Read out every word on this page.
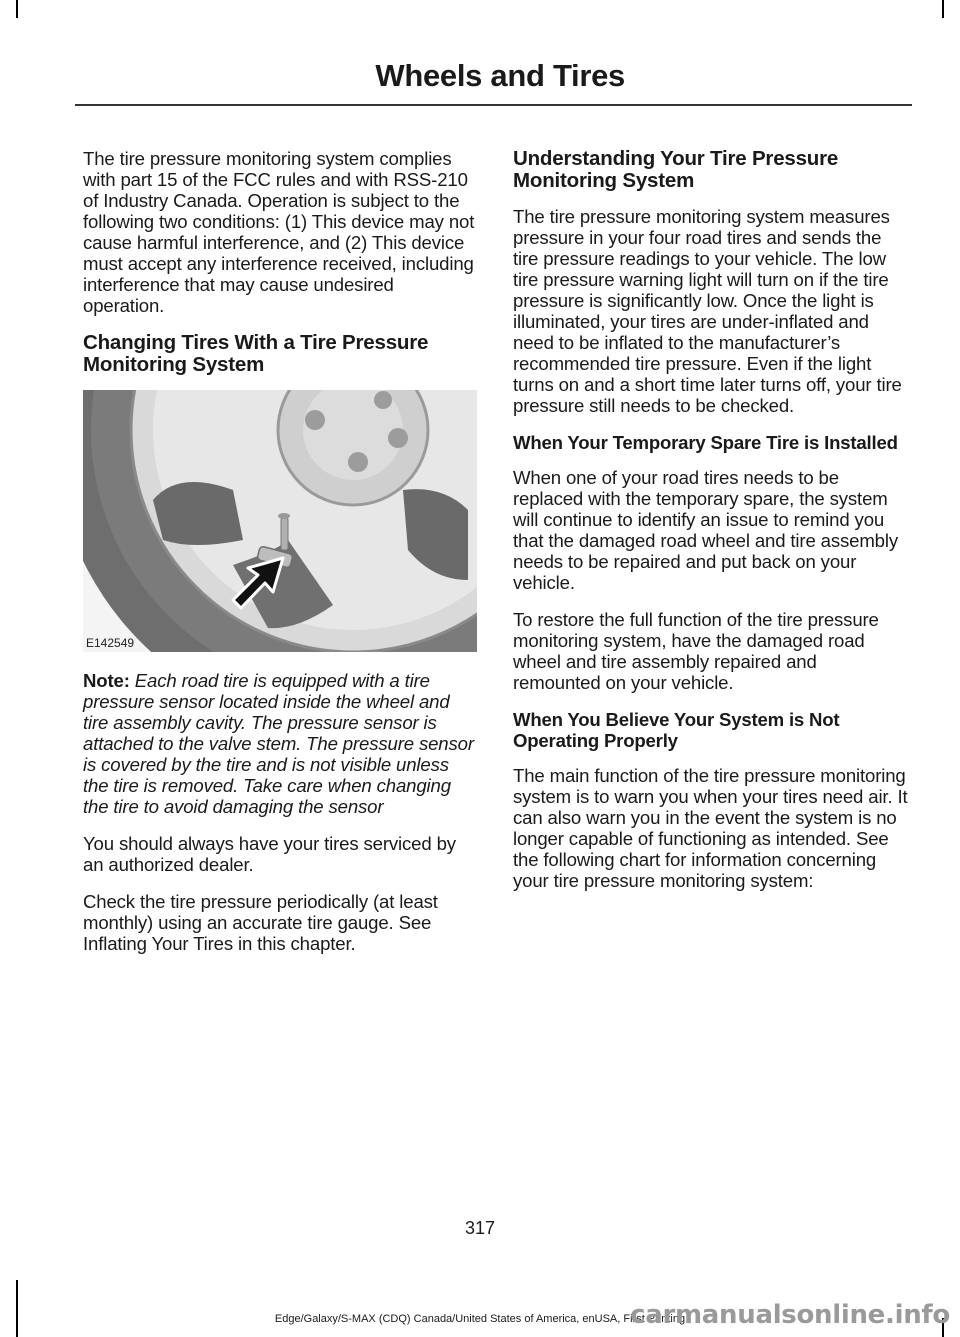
Wheels and Tires

The tire pressure monitoring system complies with part 15 of the FCC rules and with RSS-210 of Industry Canada. Operation is subject to the following two conditions: (1) This device may not cause harmful interference, and (2) This device must accept any interference received, including interference that may cause undesired operation.

Changing Tires With a Tire Pressure Monitoring System
E142549

Note: Each road tire is equipped with a tire pressure sensor located inside the wheel and tire assembly cavity. The pressure sensor is attached to the valve stem. The pressure sensor is covered by the tire and is not visible unless the tire is removed. Take care when changing the tire to avoid damaging the sensor

You should always have your tires serviced by an authorized dealer.

Check the tire pressure periodically (at least monthly) using an accurate tire gauge. See Inflating Your Tires in this chapter.

Understanding Your Tire Pressure Monitoring System

The tire pressure monitoring system measures pressure in your four road tires and sends the tire pressure readings to your vehicle. The low tire pressure warning light will turn on if the tire pressure is significantly low. Once the light is illuminated, your tires are under-inflated and need to be inflated to the manufacturer’s recommended tire pressure. Even if the light turns on and a short time later turns off, your tire pressure still needs to be checked.

When Your Temporary Spare Tire is Installed

When one of your road tires needs to be replaced with the temporary spare, the system will continue to identify an issue to remind you that the damaged road wheel and tire assembly needs to be repaired and put back on your vehicle.

To restore the full function of the tire pressure monitoring system, have the damaged road wheel and tire assembly repaired and remounted on your vehicle.

When You Believe Your System is Not Operating Properly

The main function of the tire pressure monitoring system is to warn you when your tires need air. It can also warn you in the event the system is no longer capable of functioning as intended. See the following chart for information concerning your tire pressure monitoring system:

317
Edge/Galaxy/S-MAX (CDQ) Canada/United States of America, enUSA, First Printing
carmanualsonline.info
